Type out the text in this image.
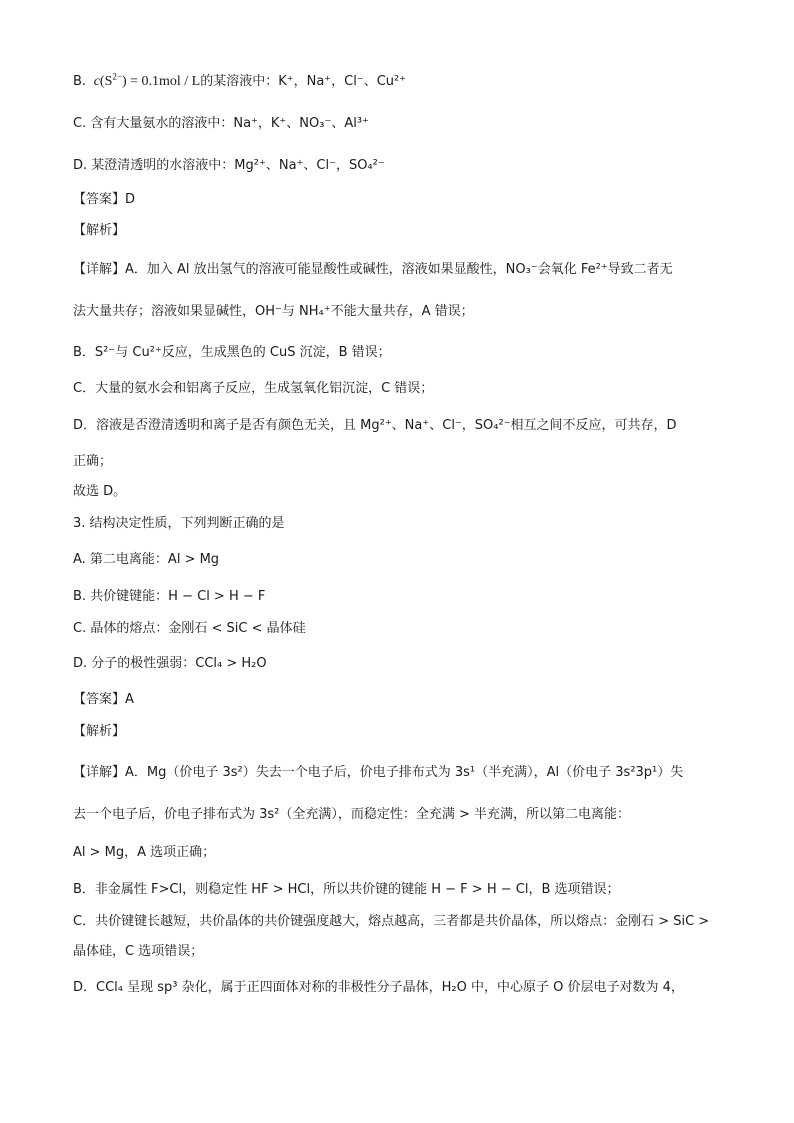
B. $c(S^{2-}) = 0.1mol / L$的某溶液中：K⁺，Na⁺，Cl⁻、Cu²⁺
C. 含有大量氨水的溶液中：Na⁺，K⁺、NO₃⁻、Al³⁺
D. 某澄清透明的水溶液中：Mg²⁺、Na⁺、Cl⁻，SO₄²⁻
【答案】D
【解析】
【详解】A．加入 Al 放出氢气的溶液可能显酸性或碱性，溶液如果显酸性，NO₃⁻会氧化 Fe²⁺导致二者无
法大量共存；溶液如果显碱性，OH⁻与 NH₄⁺不能大量共存，A 错误；
B．S²⁻与 Cu²⁺反应，生成黑色的 CuS 沉淀，B 错误；
C．大量的氨水会和铝离子反应，生成氢氧化铝沉淀，C 错误；
D．溶液是否澄清透明和离子是否有颜色无关，且 Mg²⁺、Na⁺、Cl⁻，SO₄²⁻相互之间不反应，可共存，D
正确；
故选 D。
3. 结构决定性质，下列判断正确的是
A. 第二电离能：Al > Mg
B. 共价键键能：H − Cl > H − F
C. 晶体的熔点：金刚石 < SiC < 晶体硅
D. 分子的极性强弱：CCl₄ > H₂O
【答案】A
【解析】
【详解】A．Mg（价电子 3s²）失去一个电子后，价电子排布式为 3s¹（半充满），Al（价电子 3s²3p¹）失
去一个电子后，价电子排布式为 3s²（全充满），而稳定性：全充满 > 半充满，所以第二电离能：
Al > Mg，A 选项正确；
B．非金属性 F>Cl，则稳定性 HF > HCl，所以共价键的键能 H − F > H − Cl，B 选项错误；
C．共价键键长越短，共价晶体的共价键强度越大，熔点越高，三者都是共价晶体，所以熔点：金刚石 > SiC >
晶体硅，C 选项错误；
D．CCl₄ 呈现 sp³ 杂化，属于正四面体对称的非极性分子晶体，H₂O 中，中心原子 O 价层电子对数为 4，
